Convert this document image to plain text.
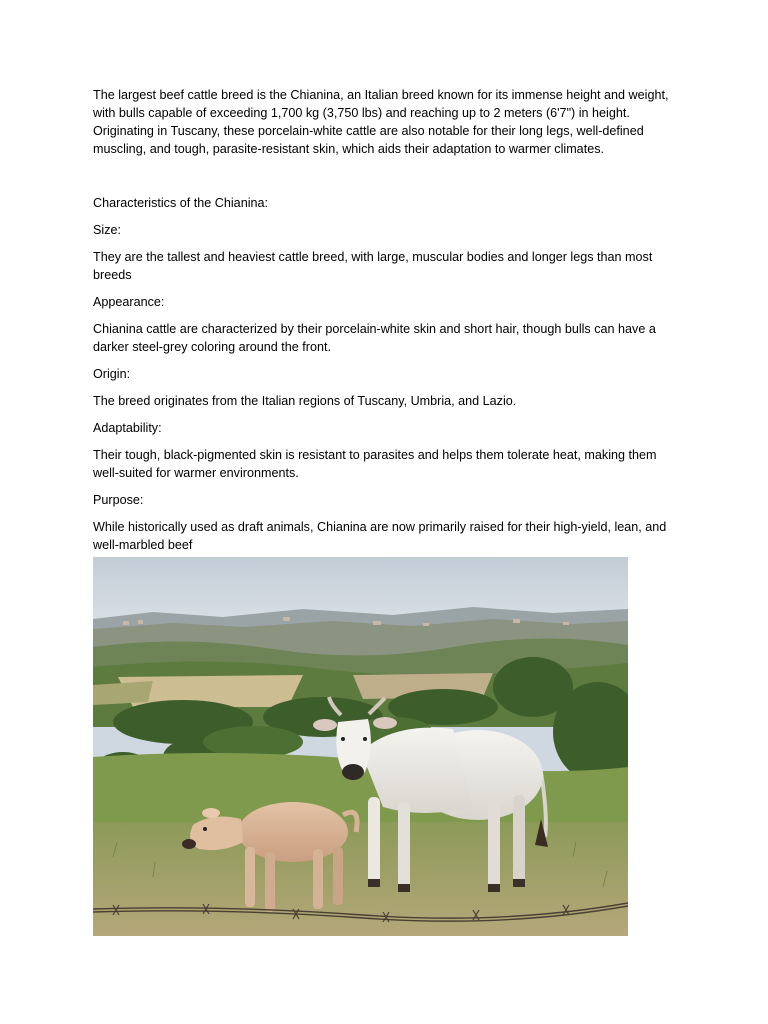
The largest beef cattle breed is the Chianina, an Italian breed known for its immense height and weight, with bulls capable of exceeding 1,700 kg (3,750 lbs) and reaching up to 2 meters (6'7") in height. Originating in Tuscany, these porcelain-white cattle are also notable for their long legs, well-defined muscling, and tough, parasite-resistant skin, which aids their adaptation to warmer climates.

Characteristics of the Chianina:

Size:

They are the tallest and heaviest cattle breed, with large, muscular bodies and longer legs than most breeds

Appearance:

Chianina cattle are characterized by their porcelain-white skin and short hair, though bulls can have a darker steel-grey coloring around the front.

Origin:

The breed originates from the Italian regions of Tuscany, Umbria, and Lazio.

Adaptability:

Their tough, black-pigmented skin is resistant to parasites and helps them tolerate heat, making them well-suited for warmer environments.

Purpose:

While historically used as draft animals, Chianina are now primarily raised for their high-yield, lean, and well-marbled beef
